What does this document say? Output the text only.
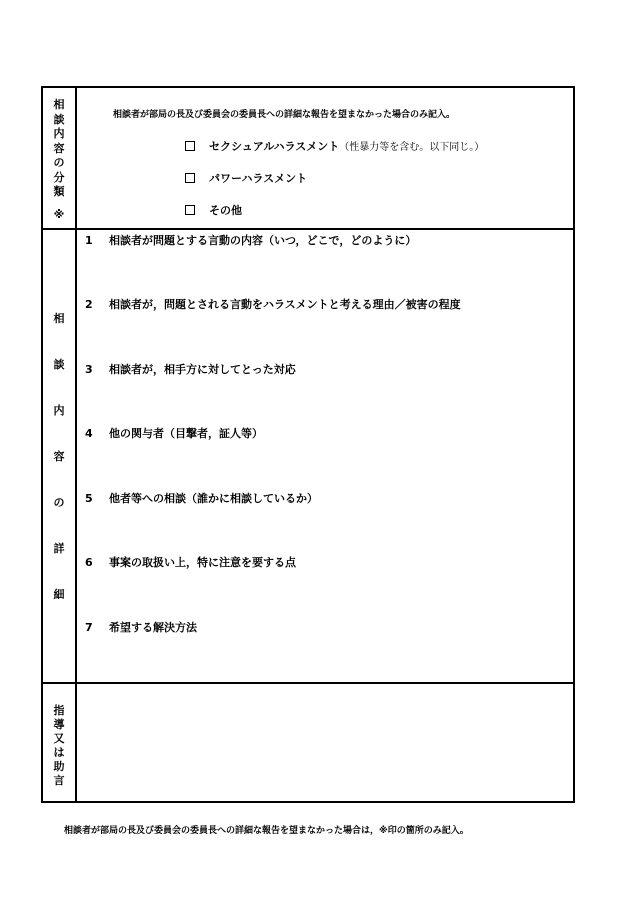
相
談
内
容
の
分
類
※
相談者が部局の長及び委員会の委員長への詳細な報告を望まなかった場合のみ記入。
セクシュアルハラスメント（性暴力等を含む。以下同じ。）
パワーハラスメント
その他
相
談
内
容
の
詳
細
1 相談者が問題とする言動の内容（いつ，どこで，どのように）
2 相談者が，問題とされる言動をハラスメントと考える理由／被害の程度
3 相談者が，相手方に対してとった対応
4 他の関与者（目撃者，証人等）
5 他者等への相談（誰かに相談しているか）
6 事案の取扱い上，特に注意を要する点
7 希望する解決方法
指
導
又
は
助
言
相談者が部局の長及び委員会の委員長への詳細な報告を望まなかった場合は，※印の箇所のみ記入。
